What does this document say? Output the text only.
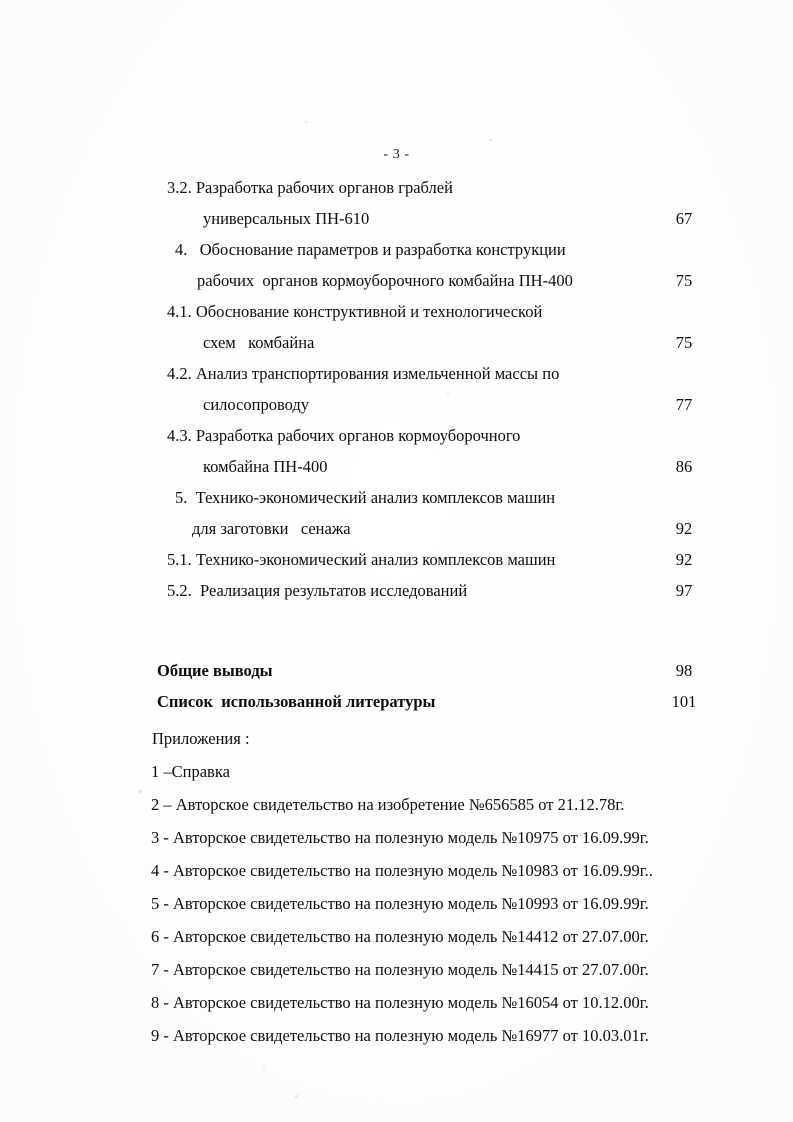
- 3 -
3.2. Разработка рабочих органов граблей
универсальных ПН-610	67
4.   Обоснование параметров и разработка конструкции
рабочих  органов кормоуборочного комбайна ПН-400	75
4.1. Обоснование конструктивной и технологической
схем   комбайна	75
4.2. Анализ транспортирования измельченной массы по
силосопроводу	77
4.3. Разработка рабочих органов кормоуборочного
комбайна ПН-400	86
5.  Технико-экономический анализ комплексов машин
для заготовки   сенажа	92
5.1. Технико-экономический анализ комплексов машин	92
5.2.  Реализация результатов исследований	97
Общие выводы	98
Список  использованной литературы	101
Приложения :
1 –Справка
2 – Авторское свидетельство на изобретение №656585 от 21.12.78г.
3 - Авторское свидетельство на полезную модель №10975 от 16.09.99г.
4 - Авторское свидетельство на полезную модель №10983 от 16.09.99г..
5 - Авторское свидетельство на полезную модель №10993 от 16.09.99г.
6 - Авторское свидетельство на полезную модель №14412 от 27.07.00г.
7 - Авторское свидетельство на полезную модель №14415 от 27.07.00г.
8 - Авторское свидетельство на полезную модель №16054 от 10.12.00г.
9 - Авторское свидетельство на полезную модель №16977 от 10.03.01г.
